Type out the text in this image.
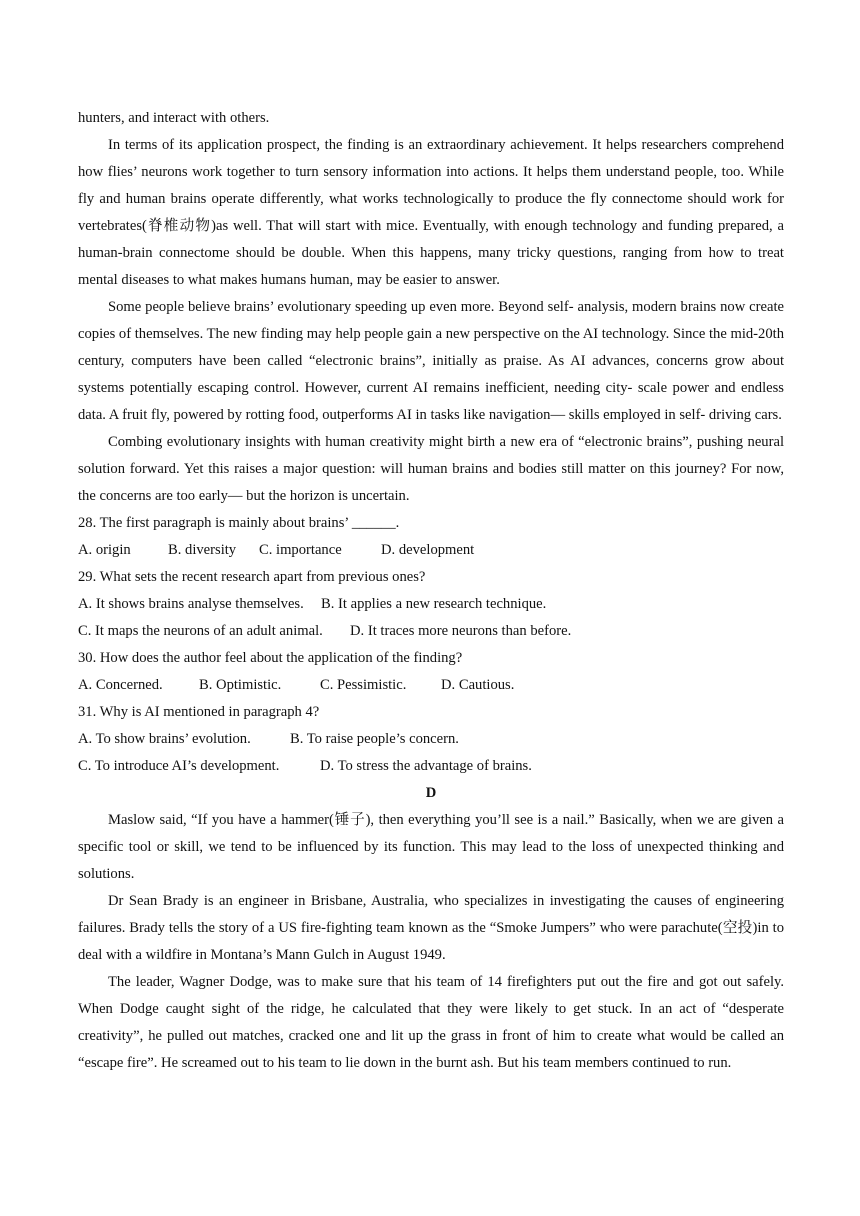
hunters, and interact with others.

In terms of its application prospect, the finding is an extraordinary achievement. It helps researchers comprehend how flies’ neurons work together to turn sensory information into actions. It helps them understand people, too. While fly and human brains operate differently, what works technologically to produce the fly connectome should work for vertebrates(脊椎动物)as well. That will start with mice. Eventually, with enough technology and funding prepared, a human-brain connectome should be double. When this happens, many tricky questions, ranging from how to treat mental diseases to what makes humans human, may be easier to answer.

Some people believe brains’ evolutionary speeding up even more. Beyond self- analysis, modern brains now create copies of themselves. The new finding may help people gain a new perspective on the AI technology. Since the mid-20th century, computers have been called “electronic brains”, initially as praise. As AI advances, concerns grow about systems potentially escaping control. However, current AI remains inefficient, needing city- scale power and endless data. A fruit fly, powered by rotting food, outperforms AI in tasks like navigation— skills employed in self- driving cars.

Combing evolutionary insights with human creativity might birth a new era of “electronic brains”, pushing neural solution forward. Yet this raises a major question: will human brains and bodies still matter on this journey? For now, the concerns are too early— but the horizon is uncertain.

28. The first paragraph is mainly about brains’ ______.

A. origin	B. diversity C. importance	D. development

29. What sets the recent research apart from previous ones?

A. It shows brains analyse themselves. B. It applies a new research technique.

C. It maps the neurons of an adult animal. D. It traces more neurons than before.

30. How does the author feel about the application of the finding?

A. Concerned. B. Optimistic.	C. Pessimistic. D. Cautious.

31. Why is AI mentioned in paragraph 4?

A. To show brains’ evolution.	B. To raise people’s concern.

C. To introduce AI’s development.	D. To stress the advantage of brains.

D

Maslow said, “If you have a hammer(锤子), then everything you’ll see is a nail.” Basically, when we are given a specific tool or skill, we tend to be influenced by its function. This may lead to the loss of unexpected thinking and solutions.

Dr Sean Brady is an engineer in Brisbane, Australia, who specializes in investigating the causes of engineering failures. Brady tells the story of a US fire-fighting team known as the “Smoke Jumpers” who were parachute(空投)in to deal with a wildfire in Montana’s Mann Gulch in August 1949.

The leader, Wagner Dodge, was to make sure that his team of 14 firefighters put out the fire and got out safely. When Dodge caught sight of the ridge, he calculated that they were likely to get stuck. In an act of “desperate creativity”, he pulled out matches, cracked one and lit up the grass in front of him to create what would be called an “escape fire”. He screamed out to his team to lie down in the burnt ash. But his team members continued to run.
